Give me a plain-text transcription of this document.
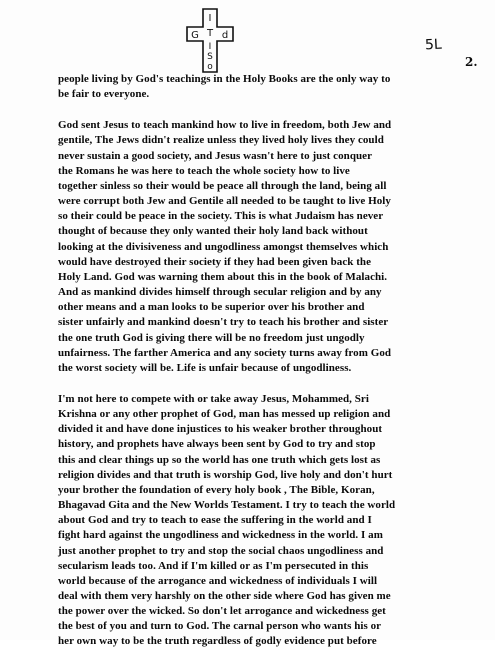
I
T
G d
I
S
o
5L
2.

people living by God's teachings in the Holy Books are the only way to
be fair to everyone.

God sent Jesus to teach mankind how to live in freedom, both Jew and
gentile, The Jews didn't realize unless they lived holy lives they could
never sustain a good society, and Jesus wasn't here to just conquer
the Romans he was here to teach the whole society how to live
together sinless so their would be peace all through the land, being all
were corrupt both Jew and Gentile all needed to be taught to live Holy
so their could be peace in the society. This is what Judaism has never
thought of because they only wanted their holy land back without
looking at the divisiveness and ungodliness amongst themselves which
would have destroyed their society if they had been given back the
Holy Land. God was warning them about this in the book of Malachi.
And as mankind divides himself through secular religion and by any
other means and a man looks to be superior over his brother and
sister unfairly and mankind doesn't try to teach his brother and sister
the one truth God is giving there will be no freedom just ungodly
unfairness. The farther America and any society turns away from God
the worst society will be. Life is unfair because of ungodliness.

I'm not here to compete with or take away Jesus, Mohammed, Sri
Krishna or any other prophet of God, man has messed up religion and
divided it and have done injustices to his weaker brother throughout
history, and prophets have always been sent by God to try and stop
this and clear things up so the world has one truth which gets lost as
religion divides and that truth is worship God, live holy and don't hurt
your brother the foundation of every holy book , The Bible, Koran,
Bhagavad Gita and the New Worlds Testament. I try to teach the world
about God and try to teach to ease the suffering in the world and I
fight hard against the ungodliness and wickedness in the world. I am
just another prophet to try and stop the social chaos ungodliness and
secularism leads too. And if I'm killed or as I'm persecuted in this
world because of the arrogance and wickedness of individuals I will
deal with them very harshly on the other side where God has given me
the power over the wicked. So don't let arrogance and wickedness get
the best of you and turn to God. The carnal person who wants his or
her own way to be the truth regardless of godly evidence put before
